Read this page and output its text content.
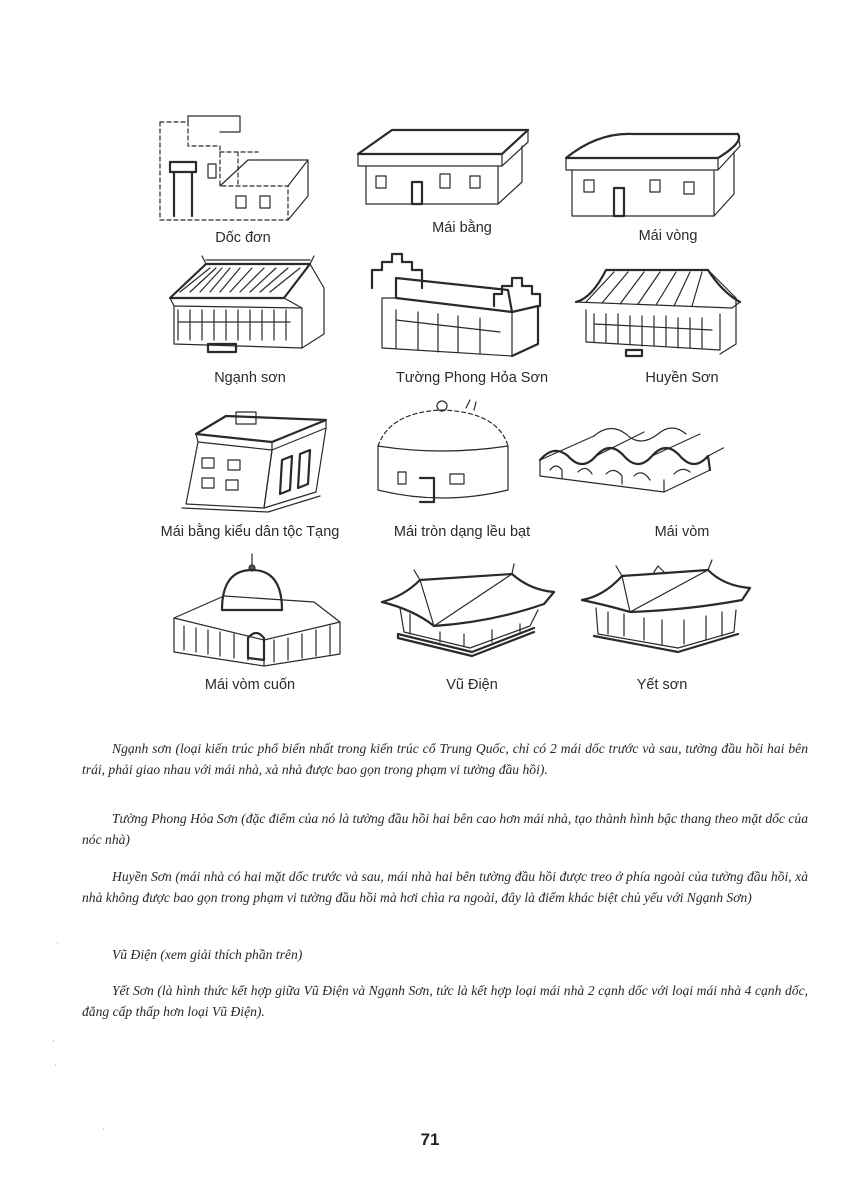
Dốc đơn
Mái bằng	Mái vòng
Ngạnh sơn	Tường Phong Hỏa Sơn	Huyền Sơn
Mái bằng kiểu dân tộc Tạng	Mái tròn dạng lều bạt	Mái vòm
Mái vòm cuốn	Vũ Điện	Yết sơn
Ngạnh sơn (loại kiến trúc phổ biến nhất trong kiến trúc cổ Trung Quốc, chỉ có 2 mái dốc trước và sau, tường đầu hồi hai bên trái, phải giao nhau với mái nhà, xà nhà được bao gọn trong phạm vi tường đầu hồi).
Tường Phong Hỏa Sơn (đặc điểm của nó là tường đầu hồi hai bên cao hơn mái nhà, tạo thành hình bậc thang theo mặt dốc của nóc nhà)
Huyền Sơn (mái nhà có hai mặt dốc trước và sau, mái nhà hai bên tường đầu hồi được treo ở phía ngoài của tường đầu hồi, xà nhà không được bao gọn trong phạm vi tường đầu hồi mà hơi chìa ra ngoài, đây là điểm khác biệt chủ yếu với Ngạnh Sơn)
Vũ Điện (xem giải thích phần trên)
Yết Sơn (là hình thức kết hợp giữa Vũ Điện và Ngạnh Sơn, tức là kết hợp loại mái nhà 2 cạnh dốc với loại mái nhà 4 cạnh dốc, đẳng cấp thấp hơn loại Vũ Điện).
71
·
·
·
·
